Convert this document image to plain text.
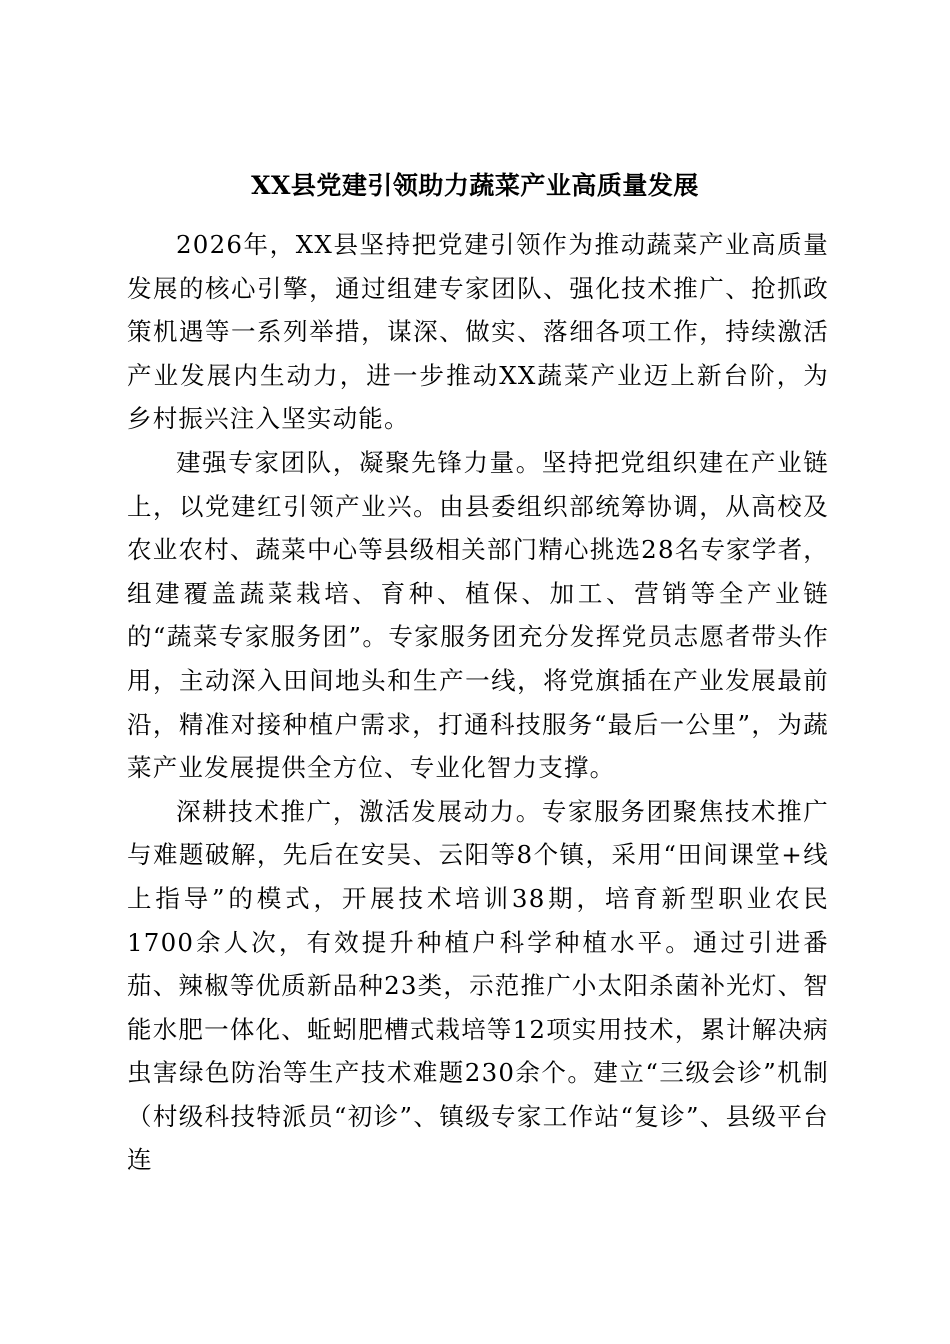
XX县党建引领助力蔬菜产业高质量发展

2026年，XX县坚持把党建引领作为推动蔬菜产业高质量发展的核心引擎，通过组建专家团队、强化技术推广、抢抓政策机遇等一系列举措，谋深、做实、落细各项工作，持续激活产业发展内生动力，进一步推动XX蔬菜产业迈上新台阶，为乡村振兴注入坚实动能。

建强专家团队，凝聚先锋力量。坚持把党组织建在产业链上，以党建红引领产业兴。由县委组织部统筹协调，从高校及农业农村、蔬菜中心等县级相关部门精心挑选28名专家学者，组建覆盖蔬菜栽培、育种、植保、加工、营销等全产业链的“蔬菜专家服务团”。专家服务团充分发挥党员志愿者带头作用，主动深入田间地头和生产一线，将党旗插在产业发展最前沿，精准对接种植户需求，打通科技服务“最后一公里”，为蔬菜产业发展提供全方位、专业化智力支撑。

深耕技术推广，激活发展动力。专家服务团聚焦技术推广与难题破解，先后在安吴、云阳等8个镇，采用“田间课堂+线上指导”的模式，开展技术培训38期，培育新型职业农民1700余人次，有效提升种植户科学种植水平。通过引进番茄、辣椒等优质新品种23类，示范推广小太阳杀菌补光灯、智能水肥一体化、蚯蚓肥槽式栽培等12项实用技术，累计解决病虫害绿色防治等生产技术难题230余个。建立“三级会诊”机制（村级科技特派员“初诊”、镇级专家工作站“复诊”、县级平台连
